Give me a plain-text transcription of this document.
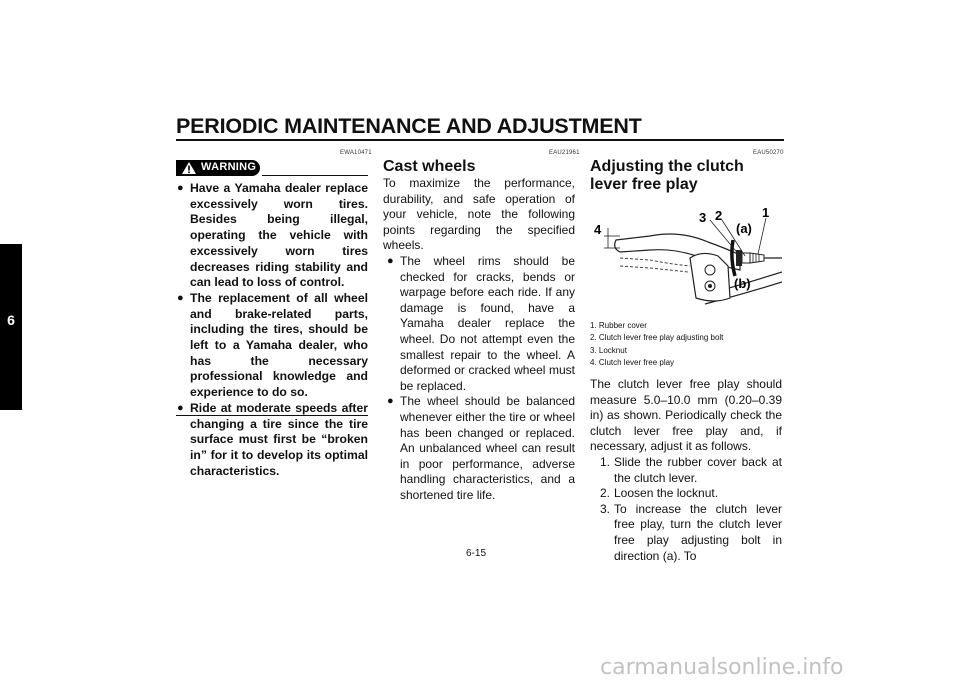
PERIODIC MAINTENANCE AND ADJUSTMENT
6
EWA10471
WARNING
● Have a Yamaha dealer replace excessively worn tires. Besides being illegal, operating the vehicle with excessively worn tires decreases riding stability and can lead to loss of control.
● The replacement of all wheel and brake-related parts, including the tires, should be left to a Yamaha dealer, who has the necessary professional knowledge and experience to do so.
● Ride at moderate speeds after changing a tire since the tire surface must first be “broken in” for it to develop its optimal characteristics.
EAU21961
Cast wheels

To maximize the performance, durability, and safe operation of your vehicle, note the following points regarding the specified wheels.

● The wheel rims should be checked for cracks, bends or warpage before each ride. If any damage is found, have a Yamaha dealer replace the wheel. Do not attempt even the smallest repair to the wheel. A deformed or cracked wheel must be replaced.
● The wheel should be balanced whenever either the tire or wheel has been changed or replaced. An unbalanced wheel can result in poor performance, adverse handling characteristics, and a shortened tire life.
EAU50270
Adjusting the clutch lever free play
3 2	1
4	(a)
(b)
1. Rubber cover
2. Clutch lever free play adjusting bolt
3. Locknut
4. Clutch lever free play

The clutch lever free play should measure 5.0–10.0 mm (0.20–0.39 in) as shown. Periodically check the clutch lever free play and, if necessary, adjust it as follows.

1. Slide the rubber cover back at the clutch lever.
2. Loosen the locknut.
3. To increase the clutch lever free play, turn the clutch lever free play adjusting bolt in direction (a). To
6-15
carmanualsonline.info
